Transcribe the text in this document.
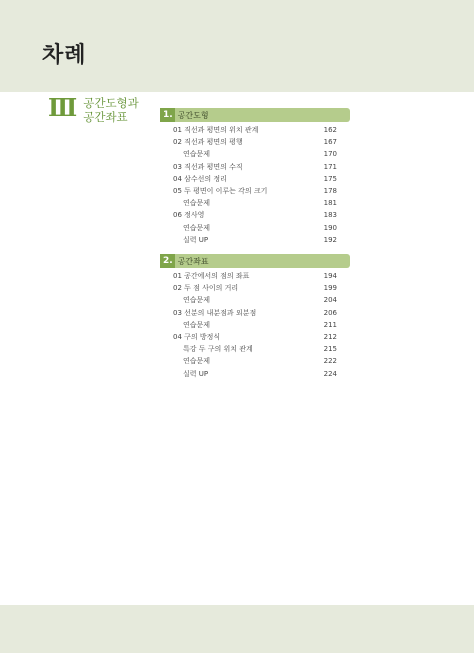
차례
Ⅲ 공간도형과
공간좌표	1. 공간도형
01 직선과 평면의 위치 관계	162
02 직선과 평면의 평행	167
연습문제	170
03 직선과 평면의 수직	171
04 삼수선의 정리	175
05 두 평면이 이루는 각의 크기	178
연습문제	181
06 정사영	183
연습문제	190
실력 UP	192
2. 공간좌표
01 공간에서의 점의 좌표	194
02 두 점 사이의 거리	199
연습문제	204
03 선분의 내분점과 외분점	206
연습문제	211
04 구의 방정식	212
특강 두 구의 위치 관계	215
연습문제	222
실력 UP	224
